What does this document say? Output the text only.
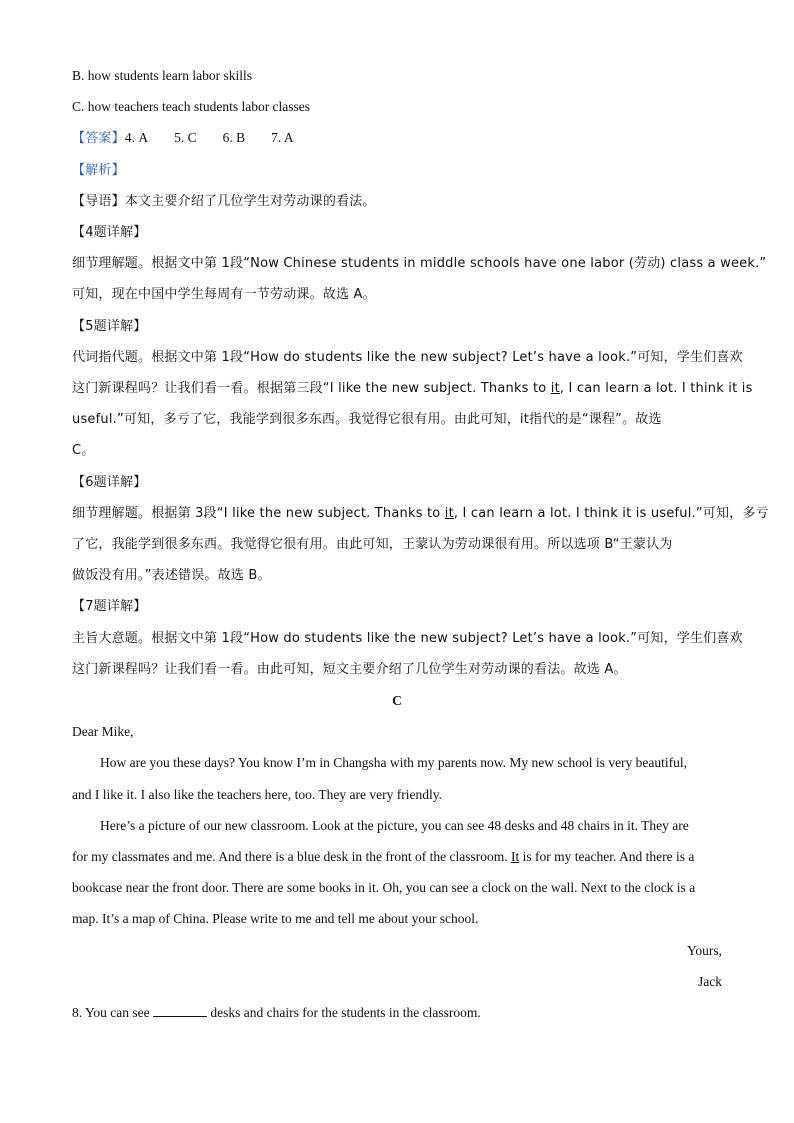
B. how students learn labor skills
C. how teachers teach students labor classes
【答案】4. A 5. C 6. B 7. A
【解析】
【导语】本文主要介绍了几位学生对劳动课的看法。
【4题详解】
细节理解题。根据文中第 1段“Now Chinese students in middle schools have one labor (劳动) class a week.”
可知，现在中国中学生每周有一节劳动课。故选 A。
【5题详解】
代词指代题。根据文中第 1段“How do students like the new subject? Let’s have a look.”可知，学生们喜欢
这门新课程吗？让我们看一看。根据第三段“I like the new subject. Thanks to it, I can learn a lot. I think it is
useful.”可知，多亏了它，我能学到很多东西。我觉得它很有用。由此可知，it指代的是“课程”。故选
C。
【6题详解】
细节理解题。根据第 3段“I like the new subject. Thanks to it, I can learn a lot. I think it is useful.”可知，多亏
了它，我能学到很多东西。我觉得它很有用。由此可知，王蒙认为劳动课很有用。所以选项 B“王蒙认为
做饭没有用。”表述错误。故选 B。
【7题详解】
主旨大意题。根据文中第 1段“How do students like the new subject? Let’s have a look.”可知，学生们喜欢
这门新课程吗？让我们看一看。由此可知，短文主要介绍了几位学生对劳动课的看法。故选 A。
C
Dear Mike,
How are you these days? You know I’m in Changsha with my parents now. My new school is very beautiful,
and I like it. I also like the teachers here, too. They are very friendly.
Here’s a picture of our new classroom. Look at the picture, you can see 48 desks and 48 chairs in it. They are
for my classmates and me. And there is a blue desk in the front of the classroom. It is for my teacher. And there is a
bookcase near the front door. There are some books in it. Oh, you can see a clock on the wall. Next to the clock is a
map. It’s a map of China. Please write to me and tell me about your school.
Yours,
Jack
8. You can see	desks and chairs for the students in the classroom.
